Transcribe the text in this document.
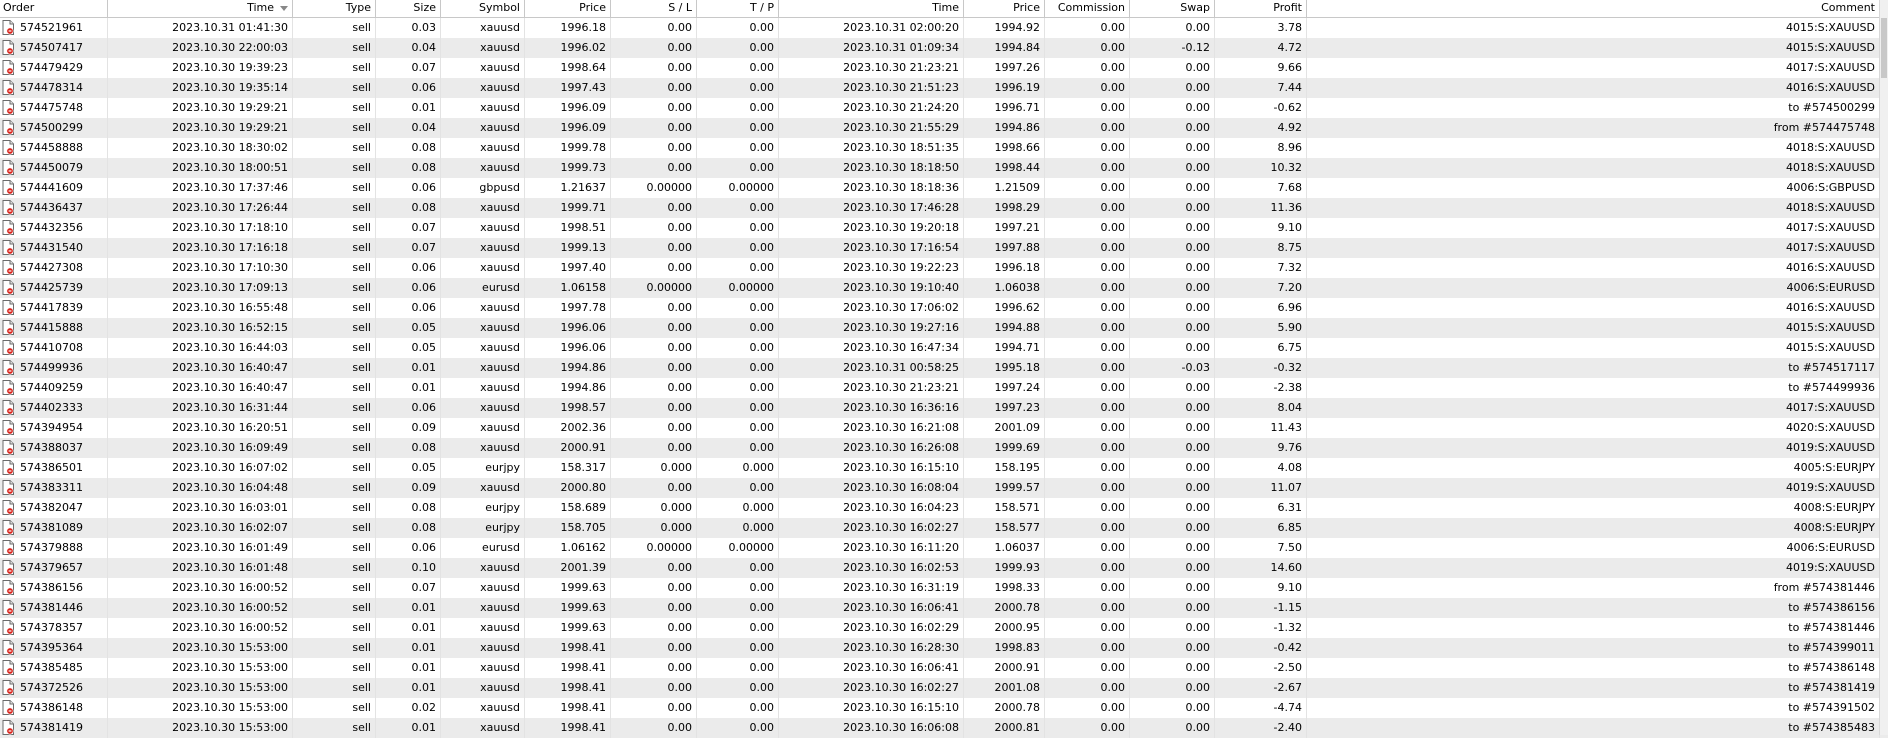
Order	Time	Type	Size	Symbol	Price	S / L	T / P	Time	Price	Commission	Swap	Profit	Comment
574521961	2023.10.31 01:41:30	sell	0.03	xauusd	1996.18	0.00	0.00	2023.10.31 02:00:20	1994.92	0.00	0.00	3.78	4015:S:XAUUSD
574507417	2023.10.30 22:00:03	sell	0.04	xauusd	1996.02	0.00	0.00	2023.10.31 01:09:34	1994.84	0.00	-0.12	4.72	4015:S:XAUUSD
574479429	2023.10.30 19:39:23	sell	0.07	xauusd	1998.64	0.00	0.00	2023.10.30 21:23:21	1997.26	0.00	0.00	9.66	4017:S:XAUUSD
574478314	2023.10.30 19:35:14	sell	0.06	xauusd	1997.43	0.00	0.00	2023.10.30 21:51:23	1996.19	0.00	0.00	7.44	4016:S:XAUUSD
574475748	2023.10.30 19:29:21	sell	0.01	xauusd	1996.09	0.00	0.00	2023.10.30 21:24:20	1996.71	0.00	0.00	-0.62	to #574500299
574500299	2023.10.30 19:29:21	sell	0.04	xauusd	1996.09	0.00	0.00	2023.10.30 21:55:29	1994.86	0.00	0.00	4.92	from #574475748
574458888	2023.10.30 18:30:02	sell	0.08	xauusd	1999.78	0.00	0.00	2023.10.30 18:51:35	1998.66	0.00	0.00	8.96	4018:S:XAUUSD
574450079	2023.10.30 18:00:51	sell	0.08	xauusd	1999.73	0.00	0.00	2023.10.30 18:18:50	1998.44	0.00	0.00	10.32	4018:S:XAUUSD
574441609	2023.10.30 17:37:46	sell	0.06	gbpusd	1.21637	0.00000	0.00000	2023.10.30 18:18:36	1.21509	0.00	0.00	7.68	4006:S:GBPUSD
574436437	2023.10.30 17:26:44	sell	0.08	xauusd	1999.71	0.00	0.00	2023.10.30 17:46:28	1998.29	0.00	0.00	11.36	4018:S:XAUUSD
574432356	2023.10.30 17:18:10	sell	0.07	xauusd	1998.51	0.00	0.00	2023.10.30 19:20:18	1997.21	0.00	0.00	9.10	4017:S:XAUUSD
574431540	2023.10.30 17:16:18	sell	0.07	xauusd	1999.13	0.00	0.00	2023.10.30 17:16:54	1997.88	0.00	0.00	8.75	4017:S:XAUUSD
574427308	2023.10.30 17:10:30	sell	0.06	xauusd	1997.40	0.00	0.00	2023.10.30 19:22:23	1996.18	0.00	0.00	7.32	4016:S:XAUUSD
574425739	2023.10.30 17:09:13	sell	0.06	eurusd	1.06158	0.00000	0.00000	2023.10.30 19:10:40	1.06038	0.00	0.00	7.20	4006:S:EURUSD
574417839	2023.10.30 16:55:48	sell	0.06	xauusd	1997.78	0.00	0.00	2023.10.30 17:06:02	1996.62	0.00	0.00	6.96	4016:S:XAUUSD
574415888	2023.10.30 16:52:15	sell	0.05	xauusd	1996.06	0.00	0.00	2023.10.30 19:27:16	1994.88	0.00	0.00	5.90	4015:S:XAUUSD
574410708	2023.10.30 16:44:03	sell	0.05	xauusd	1996.06	0.00	0.00	2023.10.30 16:47:34	1994.71	0.00	0.00	6.75	4015:S:XAUUSD
574499936	2023.10.30 16:40:47	sell	0.01	xauusd	1994.86	0.00	0.00	2023.10.31 00:58:25	1995.18	0.00	-0.03	-0.32	to #574517117
574409259	2023.10.30 16:40:47	sell	0.01	xauusd	1994.86	0.00	0.00	2023.10.30 21:23:21	1997.24	0.00	0.00	-2.38	to #574499936
574402333	2023.10.30 16:31:44	sell	0.06	xauusd	1998.57	0.00	0.00	2023.10.30 16:36:16	1997.23	0.00	0.00	8.04	4017:S:XAUUSD
574394954	2023.10.30 16:20:51	sell	0.09	xauusd	2002.36	0.00	0.00	2023.10.30 16:21:08	2001.09	0.00	0.00	11.43	4020:S:XAUUSD
574388037	2023.10.30 16:09:49	sell	0.08	xauusd	2000.91	0.00	0.00	2023.10.30 16:26:08	1999.69	0.00	0.00	9.76	4019:S:XAUUSD
574386501	2023.10.30 16:07:02	sell	0.05	eurjpy	158.317	0.000	0.000	2023.10.30 16:15:10	158.195	0.00	0.00	4.08	4005:S:EURJPY
574383311	2023.10.30 16:04:48	sell	0.09	xauusd	2000.80	0.00	0.00	2023.10.30 16:08:04	1999.57	0.00	0.00	11.07	4019:S:XAUUSD
574382047	2023.10.30 16:03:01	sell	0.08	eurjpy	158.689	0.000	0.000	2023.10.30 16:04:23	158.571	0.00	0.00	6.31	4008:S:EURJPY
574381089	2023.10.30 16:02:07	sell	0.08	eurjpy	158.705	0.000	0.000	2023.10.30 16:02:27	158.577	0.00	0.00	6.85	4008:S:EURJPY
574379888	2023.10.30 16:01:49	sell	0.06	eurusd	1.06162	0.00000	0.00000	2023.10.30 16:11:20	1.06037	0.00	0.00	7.50	4006:S:EURUSD
574379657	2023.10.30 16:01:48	sell	0.10	xauusd	2001.39	0.00	0.00	2023.10.30 16:02:53	1999.93	0.00	0.00	14.60	4019:S:XAUUSD
574386156	2023.10.30 16:00:52	sell	0.07	xauusd	1999.63	0.00	0.00	2023.10.30 16:31:19	1998.33	0.00	0.00	9.10	from #574381446
574381446	2023.10.30 16:00:52	sell	0.01	xauusd	1999.63	0.00	0.00	2023.10.30 16:06:41	2000.78	0.00	0.00	-1.15	to #574386156
574378357	2023.10.30 16:00:52	sell	0.01	xauusd	1999.63	0.00	0.00	2023.10.30 16:02:29	2000.95	0.00	0.00	-1.32	to #574381446
574395364	2023.10.30 15:53:00	sell	0.01	xauusd	1998.41	0.00	0.00	2023.10.30 16:28:30	1998.83	0.00	0.00	-0.42	to #574399011
574385485	2023.10.30 15:53:00	sell	0.01	xauusd	1998.41	0.00	0.00	2023.10.30 16:06:41	2000.91	0.00	0.00	-2.50	to #574386148
574372526	2023.10.30 15:53:00	sell	0.01	xauusd	1998.41	0.00	0.00	2023.10.30 16:02:27	2001.08	0.00	0.00	-2.67	to #574381419
574386148	2023.10.30 15:53:00	sell	0.02	xauusd	1998.41	0.00	0.00	2023.10.30 16:15:10	2000.78	0.00	0.00	-4.74	to #574391502
574381419	2023.10.30 15:53:00	sell	0.01	xauusd	1998.41	0.00	0.00	2023.10.30 16:06:08	2000.81	0.00	0.00	-2.40	to #574385483
